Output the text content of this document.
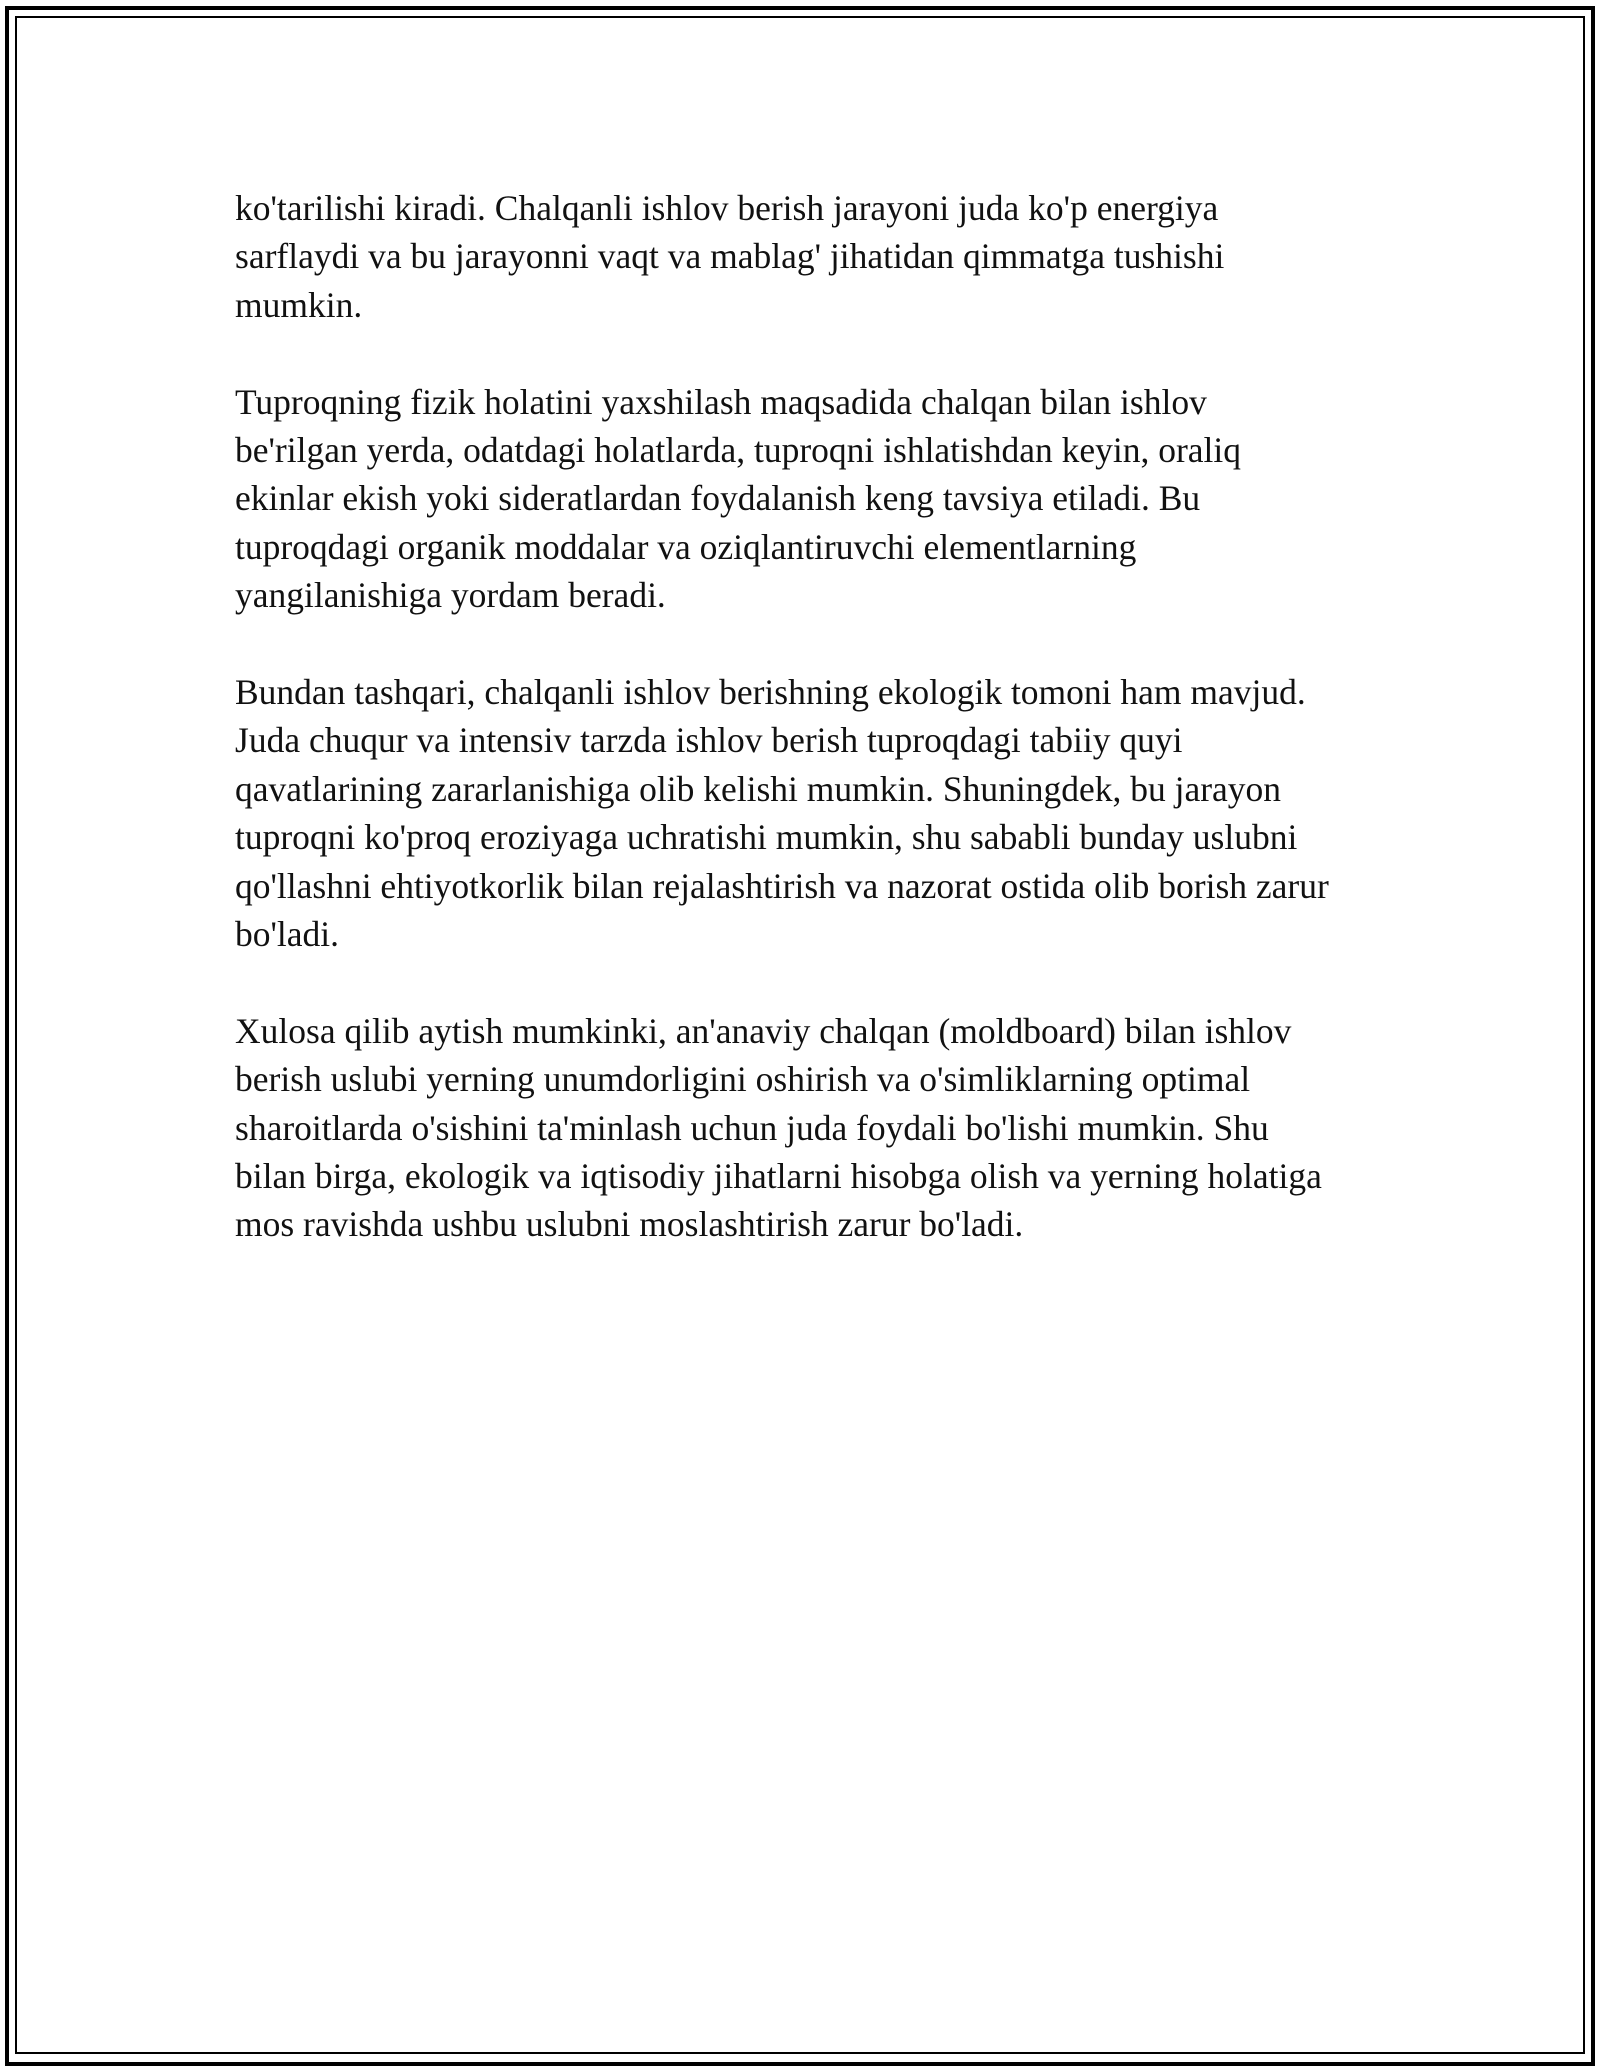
ko'tarilishi kiradi. Chalqanli ishlov berish jarayoni juda ko'p energiya
sarflaydi va bu jarayonni vaqt va mablag' jihatidan qimmatga tushishi
mumkin.

Tuproqning fizik holatini yaxshilash maqsadida chalqan bilan ishlov
be'rilgan yerda, odatdagi holatlarda, tuproqni ishlatishdan keyin, oraliq
ekinlar ekish yoki sideratlardan foydalanish keng tavsiya etiladi. Bu
tuproqdagi organik moddalar va oziqlantiruvchi elementlarning
yangilanishiga yordam beradi.

Bundan tashqari, chalqanli ishlov berishning ekologik tomoni ham mavjud.
Juda chuqur va intensiv tarzda ishlov berish tuproqdagi tabiiy quyi
qavatlarining zararlanishiga olib kelishi mumkin. Shuningdek, bu jarayon
tuproqni ko'proq eroziyaga uchratishi mumkin, shu sababli bunday uslubni
qo'llashni ehtiyotkorlik bilan rejalashtirish va nazorat ostida olib borish zarur
bo'ladi.

Xulosa qilib aytish mumkinki, an'anaviy chalqan (moldboard) bilan ishlov
berish uslubi yerning unumdorligini oshirish va o'simliklarning optimal
sharoitlarda o'sishini ta'minlash uchun juda foydali bo'lishi mumkin. Shu
bilan birga, ekologik va iqtisodiy jihatlarni hisobga olish va yerning holatiga
mos ravishda ushbu uslubni moslashtirish zarur bo'ladi.
